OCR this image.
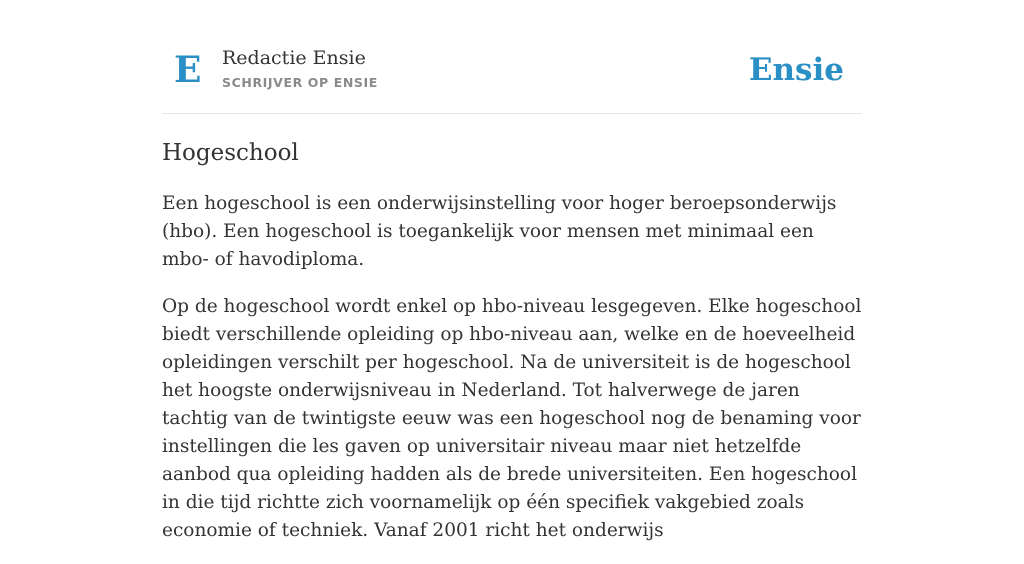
E Redactie Ensie
SCHRIJVER OP ENSIE	Ensie
Hogeschool

Een hogeschool is een onderwijsinstelling voor hoger beroepsonderwijs (hbo). Een hogeschool is toegankelijk voor mensen met minimaal een mbo- of havodiploma.

Op de hogeschool wordt enkel op hbo-niveau lesgegeven. Elke hogeschool biedt verschillende opleiding op hbo-niveau aan, welke en de hoeveelheid opleidingen verschilt per hogeschool. Na de universiteit is de hogeschool het hoogste onderwijsniveau in Nederland. Tot halverwege de jaren tachtig van de twintigste eeuw was een hogeschool nog de benaming voor instellingen die les gaven op universitair niveau maar niet hetzelfde aanbod qua opleiding hadden als de brede universiteiten. Een hogeschool in die tijd richtte zich voornamelijk op één specifiek vakgebied zoals economie of techniek. Vanaf 2001 richt het onderwijs
